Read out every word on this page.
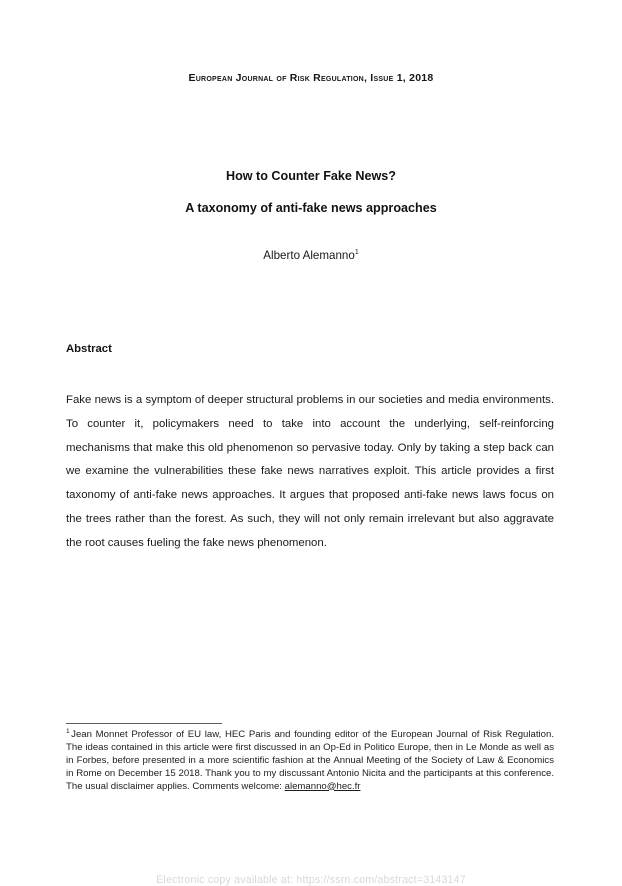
European Journal of Risk Regulation, Issue 1, 2018
How to Counter Fake News?
A taxonomy of anti-fake news approaches
Alberto Alemanno$^1$
Abstract
Fake news is a symptom of deeper structural problems in our societies and media environments. To counter it, policymakers need to take into account the underlying, self-reinforcing mechanisms that make this old phenomenon so pervasive today. Only by taking a step back can we examine the vulnerabilities these fake news narratives exploit. This article provides a first taxonomy of anti-fake news approaches. It argues that proposed anti-fake news laws focus on the trees rather than the forest. As such, they will not only remain irrelevant but also aggravate the root causes fueling the fake news phenomenon.
$^1$ Jean Monnet Professor of EU law, HEC Paris and founding editor of the European Journal of Risk Regulation. The ideas contained in this article were first discussed in an Op-Ed in Politico Europe, then in Le Monde as well as in Forbes, before presented in a more scientific fashion at the Annual Meeting of the Society of Law & Economics in Rome on December 15 2018. Thank you to my discussant Antonio Nicita and the participants at this conference. The usual disclaimer applies. Comments welcome: alemanno@hec.fr
Electronic copy available at: https://ssrn.com/abstract=3143147
